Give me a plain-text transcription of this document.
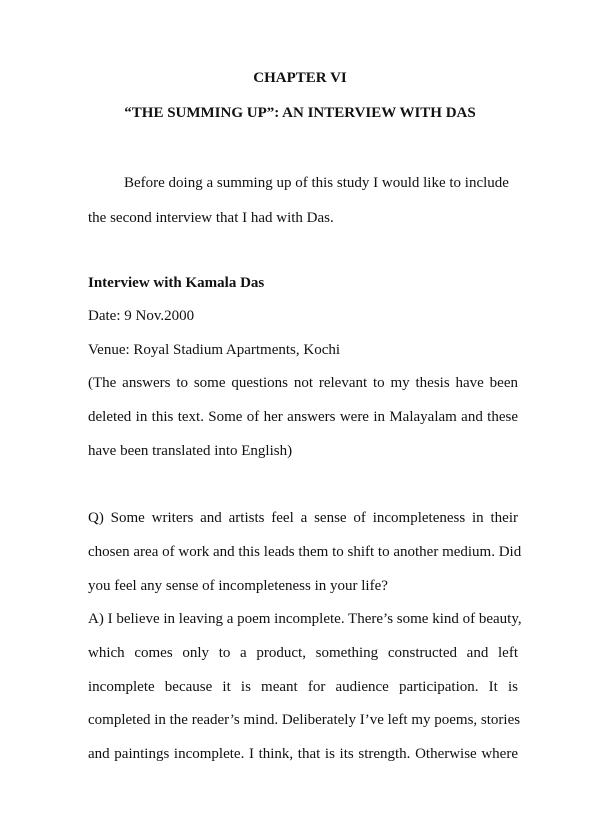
CHAPTER VI
“THE SUMMING UP”: AN INTERVIEW WITH DAS
Before doing a summing up of this study I would like to include
the second interview that I had with Das.
Interview with Kamala Das
Date: 9 Nov.2000
Venue: Royal Stadium Apartments, Kochi
(The answers to some questions not relevant to my thesis have been
deleted in this text. Some of her answers were in Malayalam and these
have been translated into English)
Q) Some writers and artists feel a sense of incompleteness in their
chosen area of work and this leads them to shift to another medium. Did
you feel any sense of incompleteness in your life?
A) I believe in leaving a poem incomplete. There’s some kind of beauty,
which comes only to a product, something constructed and left
incomplete because it is meant for audience participation. It is
completed in the reader’s mind. Deliberately I’ve left my poems, stories
and paintings incomplete. I think, that is its strength. Otherwise where
